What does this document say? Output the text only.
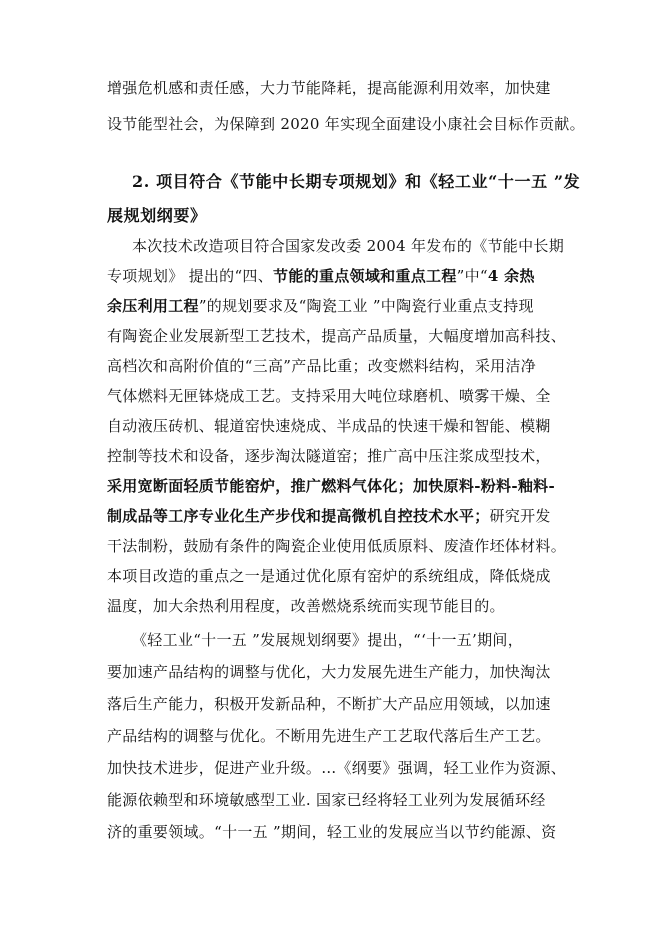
增强危机感和责任感，大力节能降耗，提高能源利用效率，加快建

设节能型社会，为保障到 2020 年实现全面建设小康社会目标作贡献。

2. 项目符合《节能中长期专项规划》和《轻工业“十一五 ”发

展规划纲要》

本次技术改造项目符合国家发改委 2004 年发布的《节能中长期

专项规划》 提出的“四、节能的重点领域和重点工程”中“4 余热

余压利用工程”的规划要求及“陶瓷工业 ”中陶瓷行业重点支持现

有陶瓷企业发展新型工艺技术，提高产品质量，大幅度增加高科技、

高档次和高附价值的“三高”产品比重；改变燃料结构，采用洁净

气体燃料无匣钵烧成工艺。支持采用大吨位球磨机、喷雾干燥、全

自动液压砖机、辊道窑快速烧成、半成品的快速干燥和智能、模糊

控制等技术和设备，逐步淘汰隧道窑；推广高中压注浆成型技术，

采用宽断面轻质节能窑炉，推广燃料气体化；加快原料-粉料-釉料-

制成品等工序专业化生产步伐和提高微机自控技术水平；研究开发

干法制粉，鼓励有条件的陶瓷企业使用低质原料、废渣作坯体材料。

本项目改造的重点之一是通过优化原有窑炉的系统组成，降低烧成

温度，加大余热利用程度，改善燃烧系统而实现节能目的。

《轻工业“十一五 ”发展规划纲要》提出，“‘十一五’期间，

要加速产品结构的调整与优化，大力发展先进生产能力，加快淘汰

落后生产能力，积极开发新品种，不断扩大产品应用领域，以加速

产品结构的调整与优化。不断用先进生产工艺取代落后生产工艺。

加快技术进步，促进产业升级。…《纲要》强调，轻工业作为资源、

能源依赖型和环境敏感型工业. 国家已经将轻工业列为发展循环经

济的重要领域。“十一五 ”期间，轻工业的发展应当以节约能源、资
